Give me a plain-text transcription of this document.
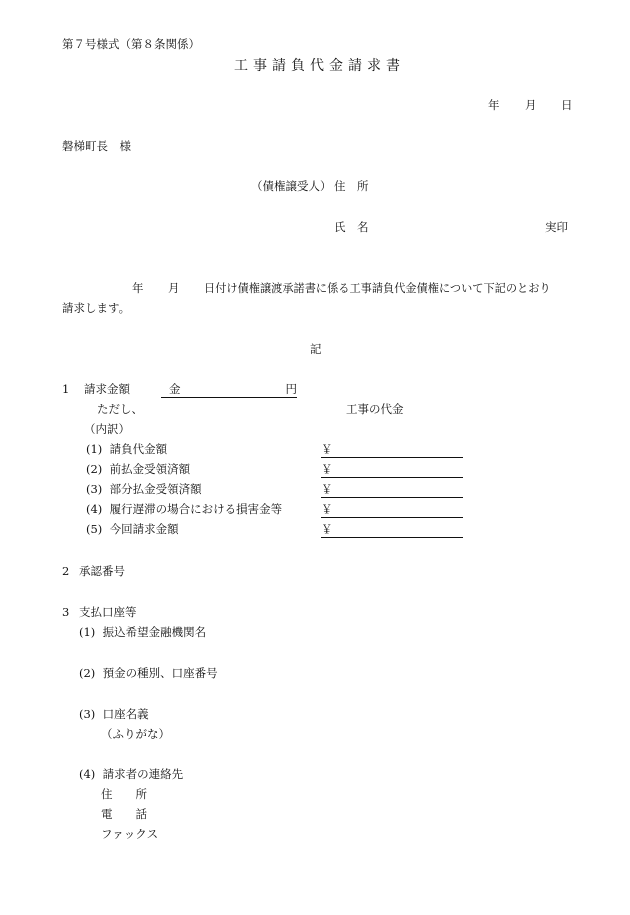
第７号様式（第８条関係）
工事請負代金請求書
年 月 日
磐梯町長　様
（債権譲受人） 住　所
氏　名	実印
年 月 日付け債権譲渡承諾書に係る工事請負代金債権について下記のとおり
請求します。
記
1 請求金額	金	円
ただし、	工事の代金
（内訳）
(1) 請負代金額	￥
(2) 前払金受領済額	￥
(3) 部分払金受領済額	￥
(4) 履行遅滞の場合における損害金等	￥
(5) 今回請求金額	￥
2 承認番号
3 支払口座等
(1)  振込希望金融機関名
(2)  預金の種別、口座番号
(3)  口座名義
（ふりがな）
(4)  請求者の連絡先
住　　所
電　　話
ファックス
